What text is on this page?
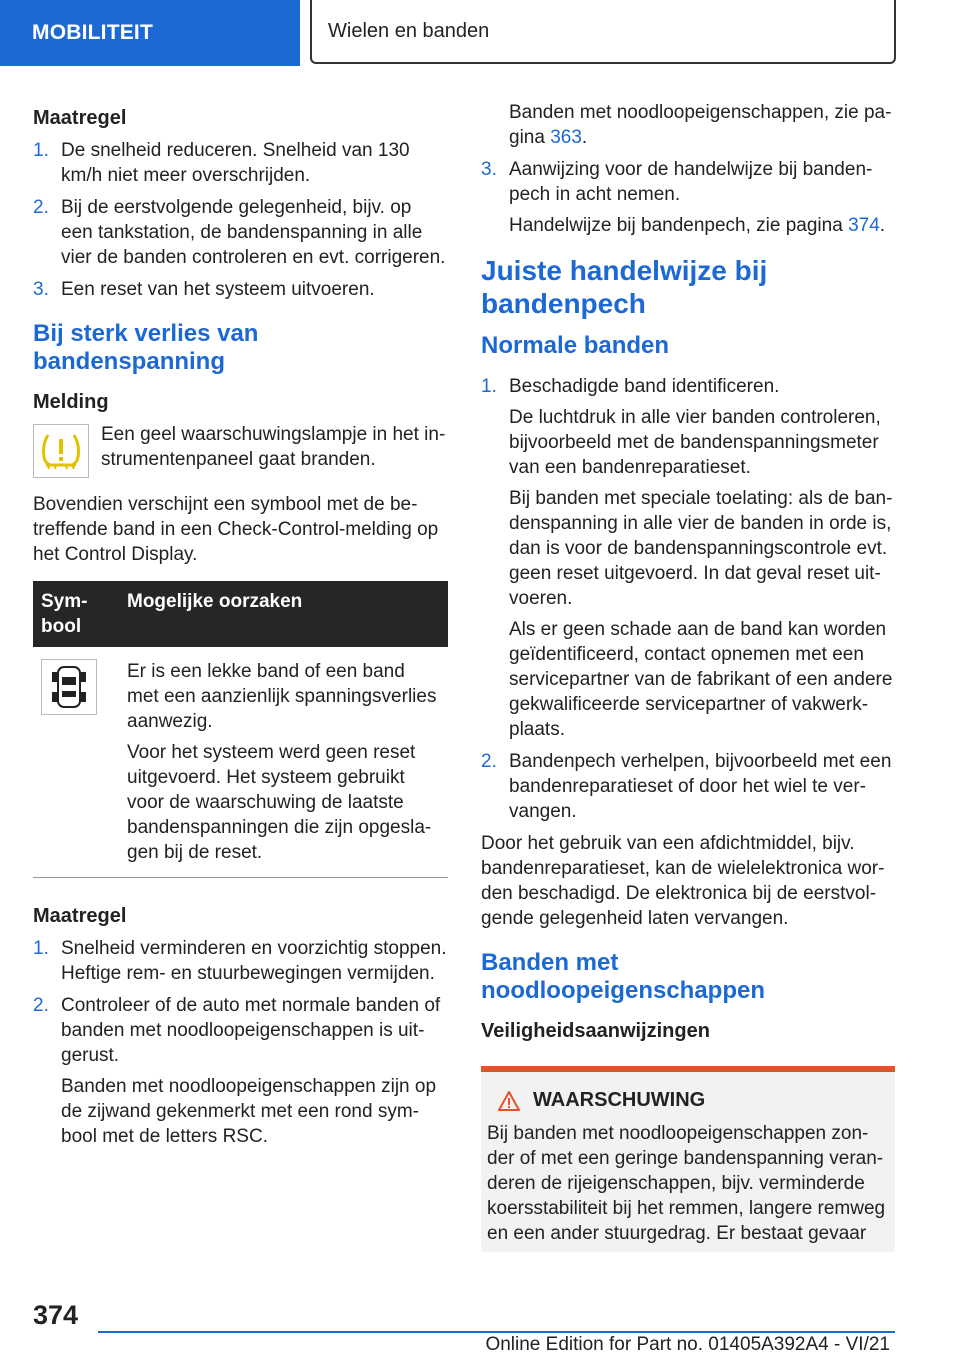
MOBILITEIT	Wielen en banden

Maatregel

1. De snelheid reduceren. Snelheid van 130 km/h niet meer overschrijden.
2. Bij de eerstvolgende gelegenheid, bijv. op een tankstation, de bandenspanning in alle vier de banden controleren en evt. corrigeren.
3. Een reset van het systeem uitvoeren.

Bij sterk verlies van bandenspanning

Melding

Een geel waarschuwingslampje in het instrumentenpaneel gaat branden.

Bovendien verschijnt een symbool met de betreffende band in een Check-Control-melding op het Control Display.

Symbool	Mogelijke oorzaken

Er is een lekke band of een band met een aanzienlijk spanningsverlies aanwezig.

Voor het systeem werd geen reset uitgevoerd. Het systeem gebruikt voor de waarschuwing de laatste bandenspanningen die zijn opgeslagen bij de reset.

Maatregel

1. Snelheid verminderen en voorzichtig stoppen. Heftige rem- en stuurbewegingen vermijden.
2. Controleer of de auto met normale banden of banden met noodloopeigenschappen is uitgerust.

Banden met noodloopeigenschappen zijn op de zijwand gekenmerkt met een rond symbool met de letters RSC.

Banden met noodloopeigenschappen, zie pagina 363.

3. Aanwijzing voor de handelwijze bij bandenpech in acht nemen.

Handelwijze bij bandenpech, zie pagina 374.

Juiste handelwijze bij bandenpech

Normale banden

1. Beschadigde band identificeren.

De luchtdruk in alle vier banden controleren, bijvoorbeeld met de bandenspanningsmeter van een bandenreparatieset.

Bij banden met speciale toelating: als de bandenspanning in alle vier de banden in orde is, dan is voor de bandenspanningscontrole evt. geen reset uitgevoerd. In dat geval reset uitvoeren.

Als er geen schade aan de band kan worden geïdentificeerd, contact opnemen met een servicepartner van de fabrikant of een andere gekwalificeerde servicepartner of vakwerkplaats.

2. Bandenpech verhelpen, bijvoorbeeld met een bandenreparatieset of door het wiel te vervangen.

Door het gebruik van een afdichtmiddel, bijv. bandenreparatieset, kan de wielelektronica worden beschadigd. De elektronica bij de eerstvolgende gelegenheid laten vervangen.

Banden met noodloopeigenschappen

Veiligheidsaanwijzingen

WAARSCHUWING

Bij banden met noodloopeigenschappen zonder of met een geringe bandenspanning veranderen de rijeigenschappen, bijv. verminderde koersstabiliteit bij het remmen, langere remweg en een ander stuurgedrag. Er bestaat gevaar

374
Online Edition for Part no. 01405A392A4 - VI/21
